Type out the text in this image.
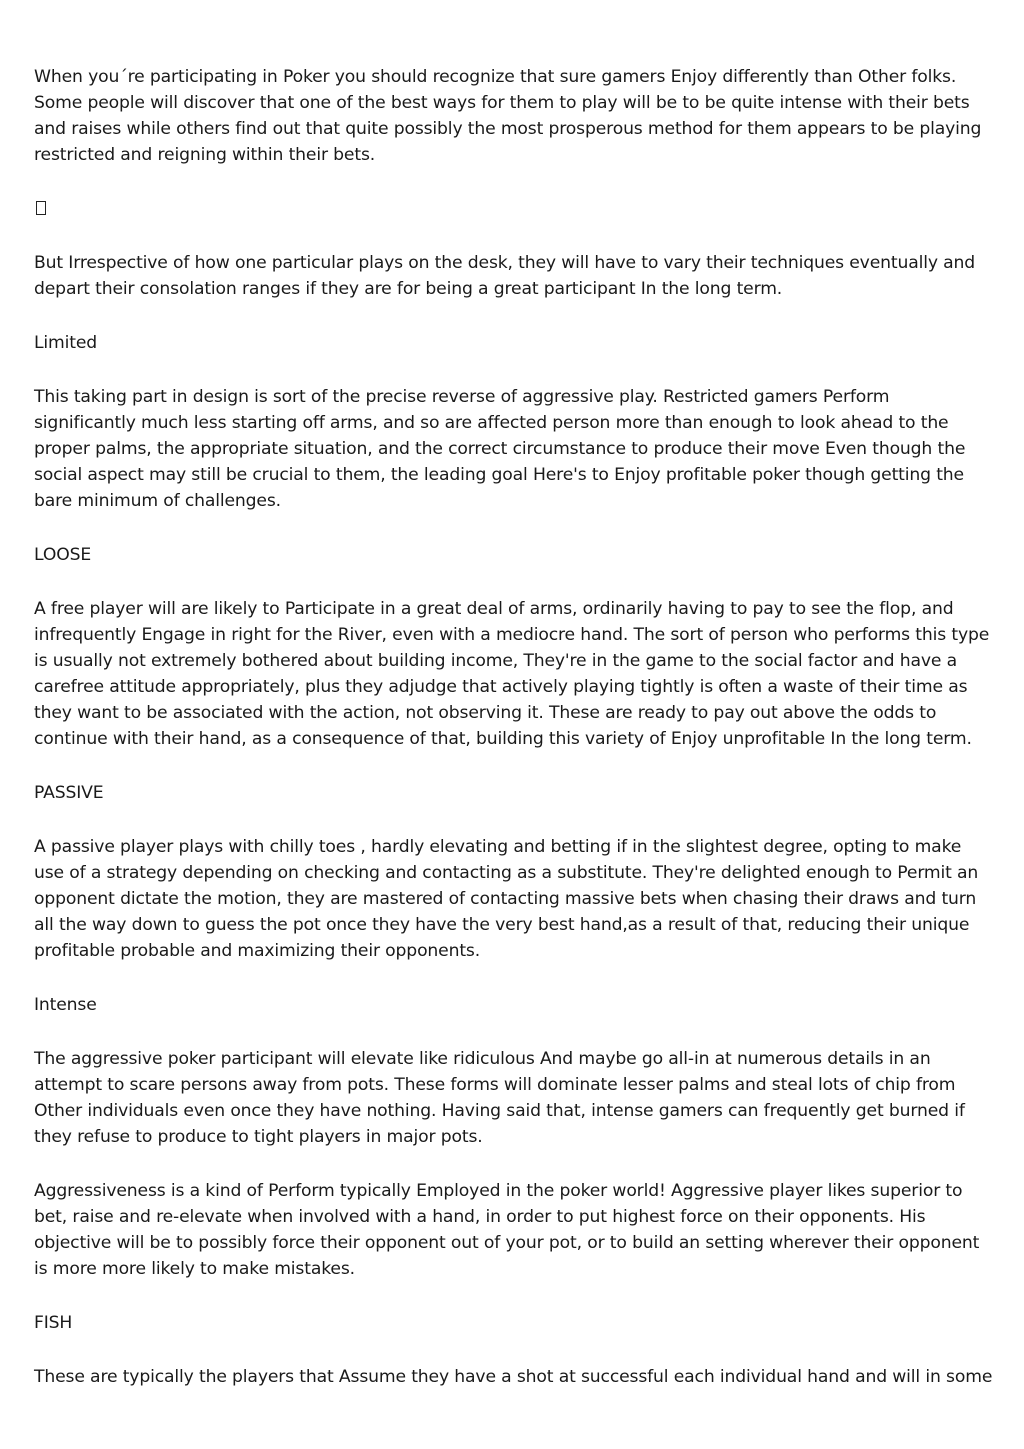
When you´re participating in Poker you should recognize that sure gamers Enjoy differently than Other folks. Some people will discover that one of the best ways for them to play will be to be quite intense with their bets and raises while others find out that quite possibly the most prosperous method for them appears to be playing restricted and reigning within their bets.

But Irrespective of how one particular plays on the desk, they will have to vary their techniques eventually and depart their consolation ranges if they are for being a great participant In the long term.

Limited

This taking part in design is sort of the precise reverse of aggressive play. Restricted gamers Perform significantly much less starting off arms, and so are affected person more than enough to look ahead to the proper palms, the appropriate situation, and the correct circumstance to produce their move Even though the social aspect may still be crucial to them, the leading goal Here's to Enjoy profitable poker though getting the bare minimum of challenges.

LOOSE

A free player will are likely to Participate in a great deal of arms, ordinarily having to pay to see the flop, and infrequently Engage in right for the River, even with a mediocre hand. The sort of person who performs this type is usually not extremely bothered about building income, They're in the game to the social factor and have a carefree attitude appropriately, plus they adjudge that actively playing tightly is often a waste of their time as they want to be associated with the action, not observing it. These are ready to pay out above the odds to continue with their hand, as a consequence of that, building this variety of Enjoy unprofitable In the long term.

PASSIVE

A passive player plays with chilly toes , hardly elevating and betting if in the slightest degree, opting to make use of a strategy depending on checking and contacting as a substitute. They're delighted enough to Permit an opponent dictate the motion, they are mastered of contacting massive bets when chasing their draws and turn all the way down to guess the pot once they have the very best hand,as a result of that, reducing their unique profitable probable and maximizing their opponents.

Intense

The aggressive poker participant will elevate like ridiculous And maybe go all-in at numerous details in an attempt to scare persons away from pots. These forms will dominate lesser palms and steal lots of chip from Other individuals even once they have nothing. Having said that, intense gamers can frequently get burned if they refuse to produce to tight players in major pots.

Aggressiveness is a kind of Perform typically Employed in the poker world! Aggressive player likes superior to bet, raise and re-elevate when involved with a hand, in order to put highest force on their opponents. His objective will be to possibly force their opponent out of your pot, or to build an setting wherever their opponent is more more likely to make mistakes.

FISH

These are typically the players that Assume they have a shot at successful each individual hand and will in some
